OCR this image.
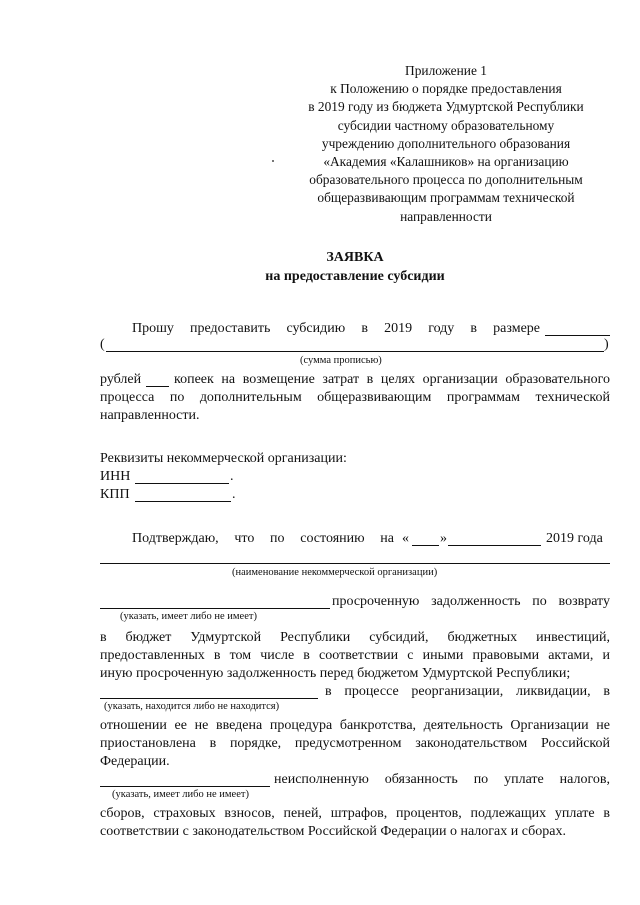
Приложение 1
к Положению о порядке предоставления
в 2019 году из бюджета Удмуртской Республики
субсидии частному образовательному
учреждению дополнительного образования
«Академия «Калашников» на организацию
образовательного процесса по дополнительным
общеразвивающим программам технической
направленности
ЗАЯВКА
на предоставление субсидии
Прошу предоставить субсидию в 2019 году в размере
(	)
(сумма прописью)
рублей копеек на возмещение затрат в целях организации образовательного
процесса по дополнительным общеразвивающим программам технической
направленности.
Реквизиты некоммерческой организации:
ИНН	.
КПП	.
Подтверждаю, что по состоянию на « »	2019 года
(наименование некоммерческой организации)
просроченную задолженность по возврату
(указать, имеет либо не имеет)
в бюджет Удмуртской Республики субсидий, бюджетных инвестиций,
предоставленных в том числе в соответствии с иными правовыми актами, и
иную просроченную задолженность перед бюджетом Удмуртской Республики;
в процессе реорганизации, ликвидации, в
(указать, находится либо не находится)
отношении ее не введена процедура банкротства, деятельность Организации не
приостановлена в порядке, предусмотренном законодательством Российской
Федерации.
неисполненную обязанность по уплате налогов,
(указать, имеет либо не имеет)
сборов, страховых взносов, пеней, штрафов, процентов, подлежащих уплате в
соответствии с законодательством Российской Федерации о налогах и сборах.
